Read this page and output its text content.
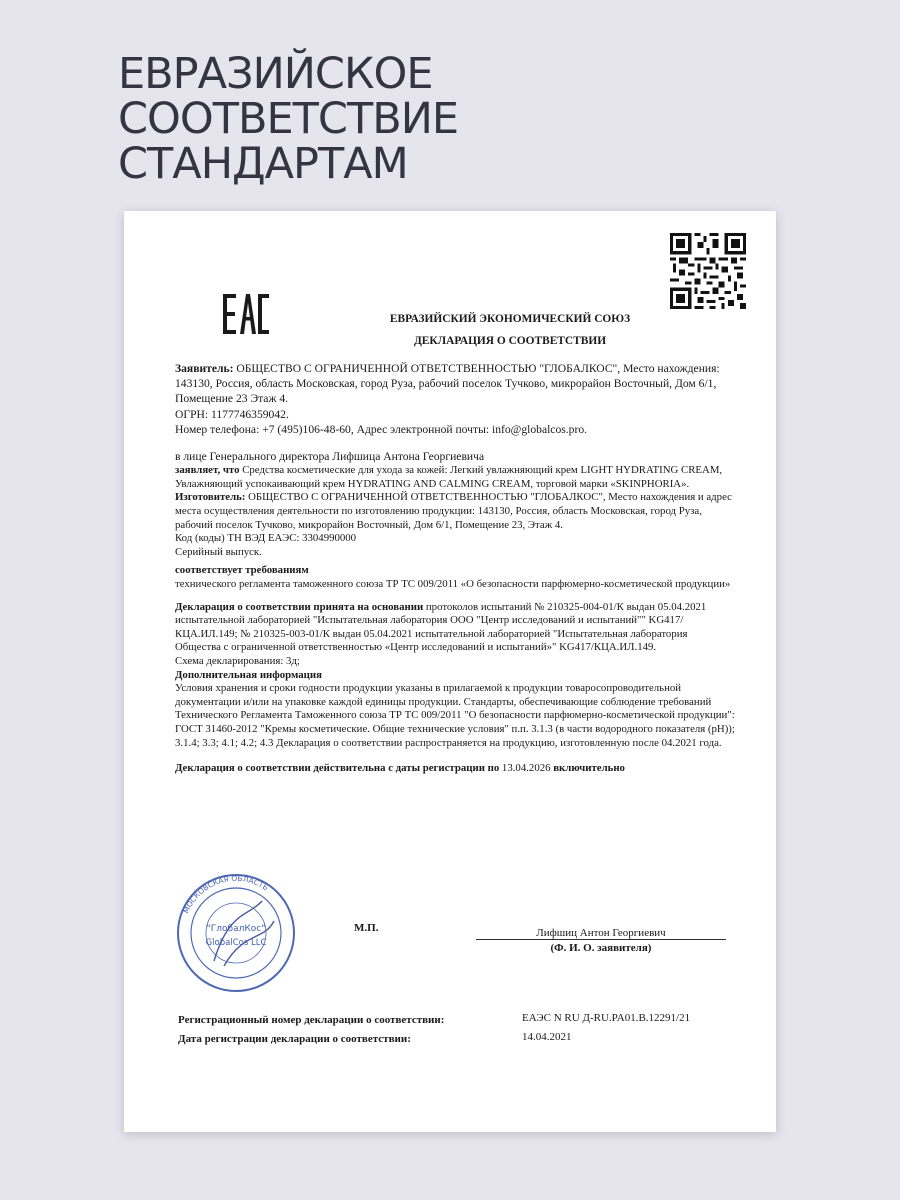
ЕВРАЗИЙСКОЕ
СООТВЕТСТВИЕ
СТАНДАРТАМ
ЕВРАЗИЙСКИЙ ЭКОНОМИЧЕСКИЙ СОЮЗ
ДЕКЛАРАЦИЯ О СООТВЕТСТВИИ

Заявитель: ОБЩЕСТВО С ОГРАНИЧЕННОЙ ОТВЕТСТВЕННОСТЬЮ "ГЛОБАЛКОС", Место нахождения: 143130, Россия, область Московская, город Руза, рабочий поселок Тучково, микрорайон Восточный, Дом 6/1, Помещение 23 Этаж 4.

ОГРН: 1177746359042.

Номер телефона: +7 (495)106-48-60, Адрес электронной почты: info@globalcos.pro.

в лице Генерального директора Лифшица Антона Георгиевича

заявляет, что Средства косметические для ухода за кожей: Легкий увлажняющий крем LIGHT HYDRATING CREAM, Увлажняющий успокаивающий крем HYDRATING AND CALMING CREAM, торговой марки «SKINPHORIA».

Изготовитель: ОБЩЕСТВО С ОГРАНИЧЕННОЙ ОТВЕТСТВЕННОСТЬЮ "ГЛОБАЛКОС", Место нахождения и адрес места осуществления деятельности по изготовлению продукции: 143130, Россия, область Московская, город Руза, рабочий поселок Тучково, микрорайон Восточный, Дом 6/1, Помещение 23, Этаж 4.

Код (коды) ТН ВЭД ЕАЭС: 3304990000

Серийный выпуск.

соответствует требованиям
технического регламента таможенного союза ТР ТС 009/2011 «О безопасности парфюмерно-косметической продукции»

Декларация о соответствии принята на основании протоколов испытаний № 210325-004-01/К выдан 05.04.2021 испытательной лабораторией "Испытательная лаборатория ООО "Центр исследований и испытаний"" KG417/КЦА.ИЛ.149; № 210325-003-01/К выдан 05.04.2021 испытательной лабораторией "Испытательная лаборатория Общества с ограниченной ответственностью «Центр исследований и испытаний»" KG417/КЦА.ИЛ.149.

Схема декларирования: 3д;

Дополнительная информация
Условия хранения и сроки годности продукции указаны в прилагаемой к продукции товаросопроводительной документации и/или на упаковке каждой единицы продукции. Стандарты, обеспечивающие соблюдение требований Технического Регламента Таможенного союза ТР ТС 009/2011 "О безопасности парфюмерно-косметической продукции": ГОСТ 31460-2012 "Кремы косметические. Общие технические условия" п.п. 3.1.3 (в части водородного показателя (pH)); 3.1.4; 3.3; 4.1; 4.2; 4.3 Декларация о соответствии распространяется на продукцию, изготовленную после 04.2021 года.

Декларация о соответствии действительна с даты регистрации по 13.04.2026 включительно

МОСКОВСКАЯ ОБЛАСТЬ
"ГлобалКос"
GlobalCos LLC
М.П.	Лифшиц Антон Георгиевич
(Ф. И. О. заявителя)
Регистрационный номер декларации о соответствии:	ЕАЭС N RU Д-RU.PA01.B.12291/21
Дата регистрации декларации о соответствии:	14.04.2021
